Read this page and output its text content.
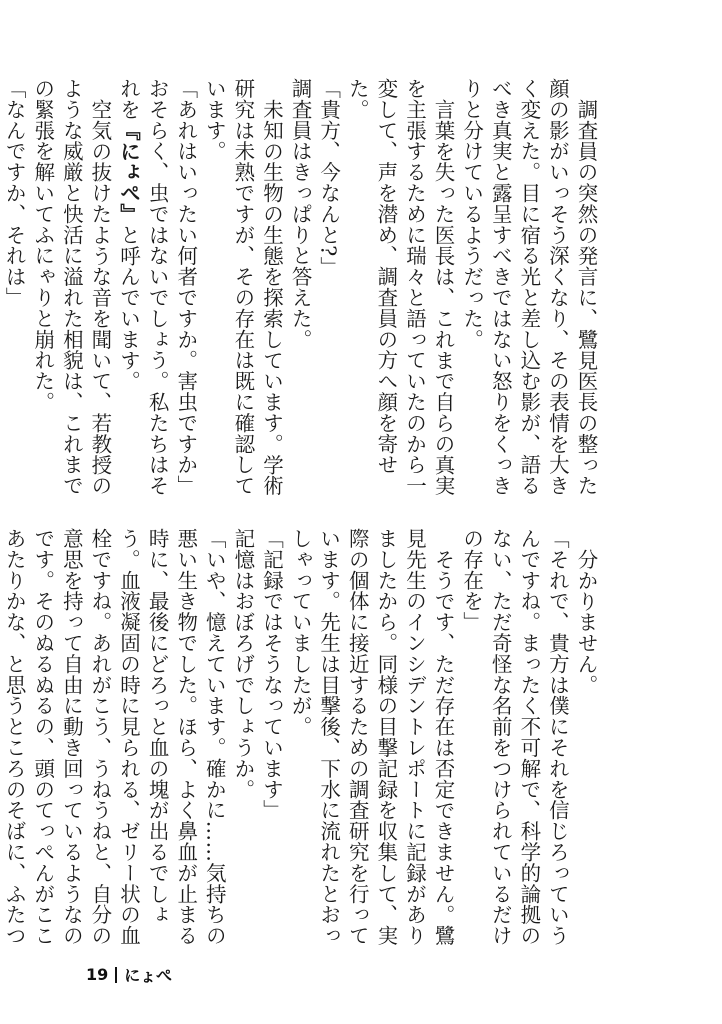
調査員の突然の発言に、鷺見医長の整った顔の影がいっそう深くなり、その表情を大きく変えた。目に宿る光と差し込む影が、語るべき真実と露呈すべきではない怒りをくっきりと分けているようだった。

言葉を失った医長は、これまで自らの真実を主張するために瑞々と語っていたのから一変して、声を潜め、調査員の方へ顔を寄せた。

「貴方、今なんと?」

調査員はきっぱりと答えた。

未知の生物の生態を探索しています。学術研究は未熟ですが、その存在は既に確認しています。

「あれはいったい何者ですか。害虫ですか」

おそらく、虫ではないでしょう。私たちはそれを『にょぺ』と呼んでいます。

空気の抜けたような音を聞いて、若教授のような威厳と快活に溢れた相貌は、これまでの緊張を解いてふにゃりと崩れた。

「なんですか、それは」

分かりません。

「それで、貴方は僕にそれを信じろっていうんですね。まったく不可解で、科学的論拠のない、ただ奇怪な名前をつけられているだけの存在を」

そうです、ただ存在は否定できません。鷺見先生のインシデントレポートに記録がありましたから。同様の目撃記録を収集して、実際の個体に接近するための調査研究を行っています。先生は目撃後、下水に流れたとおっしゃっていましたが。

「記録ではそうなっています」

記憶はおぼろげでしょうか。

「いや、憶えています。確かに……気持ちの悪い生き物でした。ほら、よく鼻血が止まる時に、最後にどろっと血の塊が出るでしょう。血液凝固の時に見られる、ゼリー状の血栓ですね。あれがこう、うねうねと、自分の意思を持って自由に動き回っているようなのです。そのぬるぬるの、頭のてっぺんがここあたりかな、と思うところのそばに、ふたつ

19 にょぺ
